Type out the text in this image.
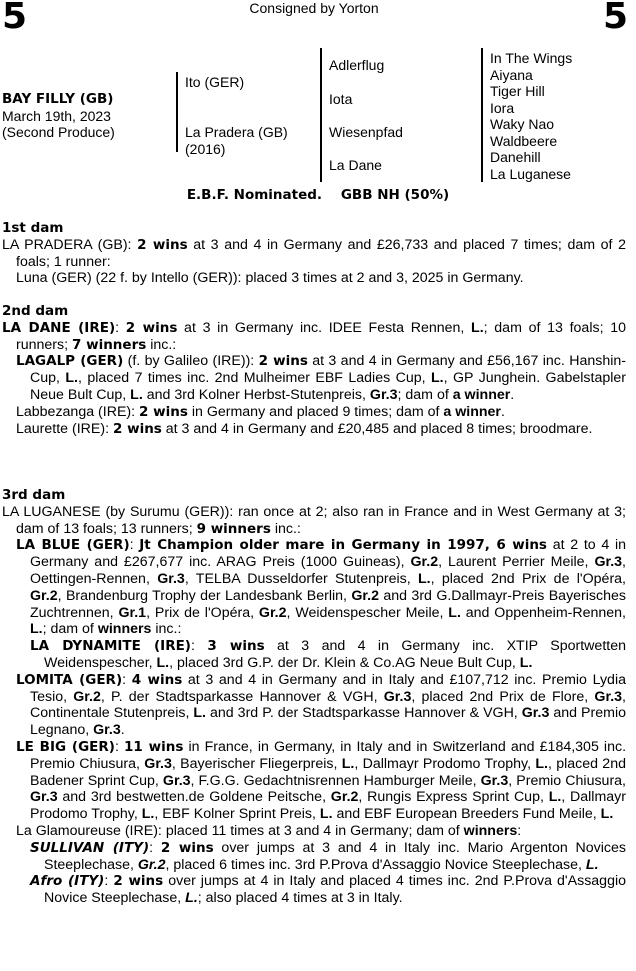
5	5
Consigned by Yorton
BAY FILLY (GB)
March 19th, 2023
(Second Produce)
Ito (GER)
La Pradera (GB)
(2016)
Adlerflug
Iota
Wiesenpfad
La Dane
In The Wings
Aiyana
Tiger Hill
Iora
Waky Nao
Waldbeere
Danehill
La Luganese
E.B.F. Nominated.    GBB NH (50%)

1st dam

LA PRADERA (GB): 2 wins at 3 and 4 in Germany and £26,733 and placed 7 times; dam of 2 foals; 1 runner:

Luna (GER) (22 f. by Intello (GER)): placed 3 times at 2 and 3, 2025 in Germany.

2nd dam

LA DANE (IRE): 2 wins at 3 in Germany inc. IDEE Festa Rennen, L.; dam of 13 foals; 10 runners; 7 winners inc.:

LAGALP (GER) (f. by Galileo (IRE)): 2 wins at 3 and 4 in Germany and £56,167 inc. Hanshin-Cup, L., placed 7 times inc. 2nd Mulheimer EBF Ladies Cup, L., GP Junghein. Gabelstapler Neue Bult Cup, L. and 3rd Kolner Herbst-Stutenpreis, Gr.3; dam of a winner.

Labbezanga (IRE): 2 wins in Germany and placed 9 times; dam of a winner.

Laurette (IRE): 2 wins at 3 and 4 in Germany and £20,485 and placed 8 times; broodmare.

3rd dam

LA LUGANESE (by Surumu (GER)): ran once at 2; also ran in France and in West Germany at 3; dam of 13 foals; 13 runners; 9 winners inc.:

LA BLUE (GER): Jt Champion older mare in Germany in 1997, 6 wins at 2 to 4 in Germany and £267,677 inc. ARAG Preis (1000 Guineas), Gr.2, Laurent Perrier Meile, Gr.3, Oettingen-Rennen, Gr.3, TELBA Dusseldorfer Stutenpreis, L., placed 2nd Prix de l'Opéra, Gr.2, Brandenburg Trophy der Landesbank Berlin, Gr.2 and 3rd G.Dallmayr-Preis Bayerisches Zuchtrennen, Gr.1, Prix de l'Opéra, Gr.2, Weidenspescher Meile, L. and Oppenheim-Rennen, L.; dam of winners inc.:

LA DYNAMITE (IRE): 3 wins at 3 and 4 in Germany inc. XTIP Sportwetten Weidenspescher, L., placed 3rd G.P. der Dr. Klein & Co.AG Neue Bult Cup, L.

LOMITA (GER): 4 wins at 3 and 4 in Germany and in Italy and £107,712 inc. Premio Lydia Tesio, Gr.2, P. der Stadtsparkasse Hannover & VGH, Gr.3, placed 2nd Prix de Flore, Gr.3, Continentale Stutenpreis, L. and 3rd P. der Stadtsparkasse Hannover & VGH, Gr.3 and Premio Legnano, Gr.3.

LE BIG (GER): 11 wins in France, in Germany, in Italy and in Switzerland and £184,305 inc. Premio Chiusura, Gr.3, Bayerischer Fliegerpreis, L., Dallmayr Prodomo Trophy, L., placed 2nd Badener Sprint Cup, Gr.3, F.G.G. Gedachtnisrennen Hamburger Meile, Gr.3, Premio Chiusura, Gr.3 and 3rd bestwetten.de Goldene Peitsche, Gr.2, Rungis Express Sprint Cup, L., Dallmayr Prodomo Trophy, L., EBF Kolner Sprint Preis, L. and EBF European Breeders Fund Meile, L.

La Glamoureuse (IRE): placed 11 times at 3 and 4 in Germany; dam of winners:

SULLIVAN (ITY): 2 wins over jumps at 3 and 4 in Italy inc. Mario Argenton Novices Steeplechase, Gr.2, placed 6 times inc. 3rd P.Prova d'Assaggio Novice Steeplechase, L.

Afro (ITY): 2 wins over jumps at 4 in Italy and placed 4 times inc. 2nd P.Prova d'Assaggio Novice Steeplechase, L.; also placed 4 times at 3 in Italy.
